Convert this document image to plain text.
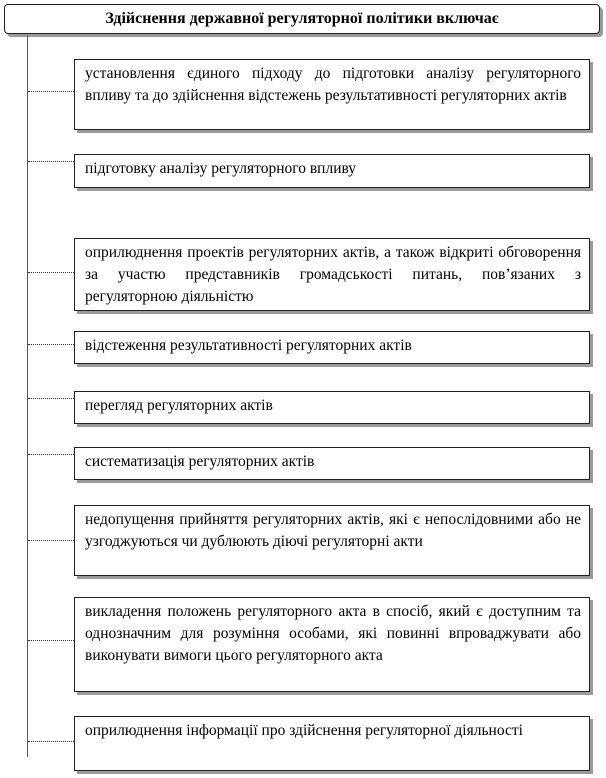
Здійснення державної регуляторної політики включає
установлення єдиного підходу до підготовки аналізу регуляторного впливу та до здійснення відстежень результативності регуляторних актів
підготовку аналізу регуляторного впливу
оприлюднення проектів регуляторних актів, а також відкриті обговорення за участю представників громадськості питань, пов’язаних з регуляторною діяльністю
відстеження результативності регуляторних актів
перегляд регуляторних актів
систематизація регуляторних актів
недопущення прийняття регуляторних актів, які є непослідовними або не узгоджуються чи дублюють діючі регуляторні акти
викладення положень регуляторного акта в спосіб, який є доступним та однозначним для розуміння особами, які повинні впроваджувати або виконувати вимоги цього регуляторного акта
оприлюднення інформації про здійснення регуляторної діяльності
